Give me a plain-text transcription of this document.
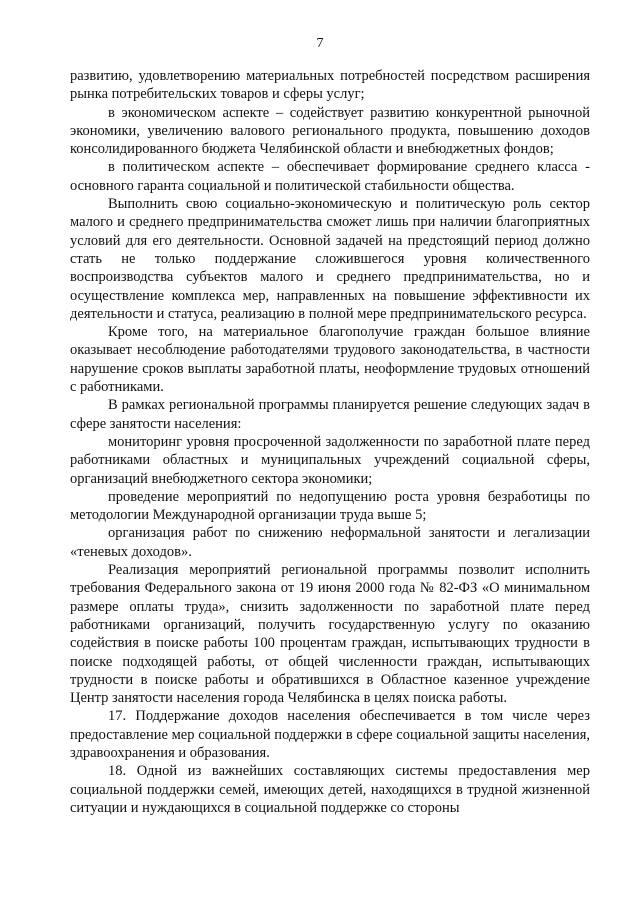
7

развитию, удовлетворению материальных потребностей посредством расширения рынка потребительских товаров и сферы услуг;

в экономическом аспекте – содействует развитию конкурентной рыночной экономики, увеличению валового регионального продукта, повышению доходов консолидированного бюджета Челябинской области и внебюджетных фондов;

в политическом аспекте – обеспечивает формирование среднего класса - основного гаранта социальной и политической стабильности общества.

Выполнить свою социально-экономическую и политическую роль сектор малого и среднего предпринимательства сможет лишь при наличии благоприятных условий для его деятельности. Основной задачей на предстоящий период должно стать не только поддержание сложившегося уровня количественного воспроизводства субъектов малого и среднего предпринимательства, но и осуществление комплекса мер, направленных на повышение эффективности их деятельности и статуса, реализацию в полной мере предпринимательского ресурса.

Кроме того, на материальное благополучие граждан большое влияние оказывает несоблюдение работодателями трудового законодательства, в частности нарушение сроков выплаты заработной платы, неоформление трудовых отношений с работниками.

В рамках региональной программы планируется решение следующих задач в сфере занятости населения:

мониторинг уровня просроченной задолженности по заработной плате перед работниками областных и муниципальных учреждений социальной сферы, организаций внебюджетного сектора экономики;

проведение мероприятий по недопущению роста уровня безработицы по методологии Международной организации труда выше 5;

организация работ по снижению неформальной занятости и легализации «теневых доходов».

Реализация мероприятий региональной программы позволит исполнить требования Федерального закона от 19 июня 2000 года № 82-ФЗ «О минимальном размере оплаты труда», снизить задолженности по заработной плате перед работниками организаций, получить государственную услугу по оказанию содействия в поиске работы 100 процентам граждан, испытывающих трудности в поиске подходящей работы, от общей численности граждан, испытывающих трудности в поиске работы и обратившихся в Областное казенное учреждение Центр занятости населения города Челябинска в целях поиска работы.

17. Поддержание доходов населения обеспечивается в том числе через предоставление мер социальной поддержки в сфере социальной защиты населения, здравоохранения и образования.

18. Одной из важнейших составляющих системы предоставления мер социальной поддержки семей, имеющих детей, находящихся в трудной жизненной ситуации и нуждающихся в социальной поддержке со стороны
